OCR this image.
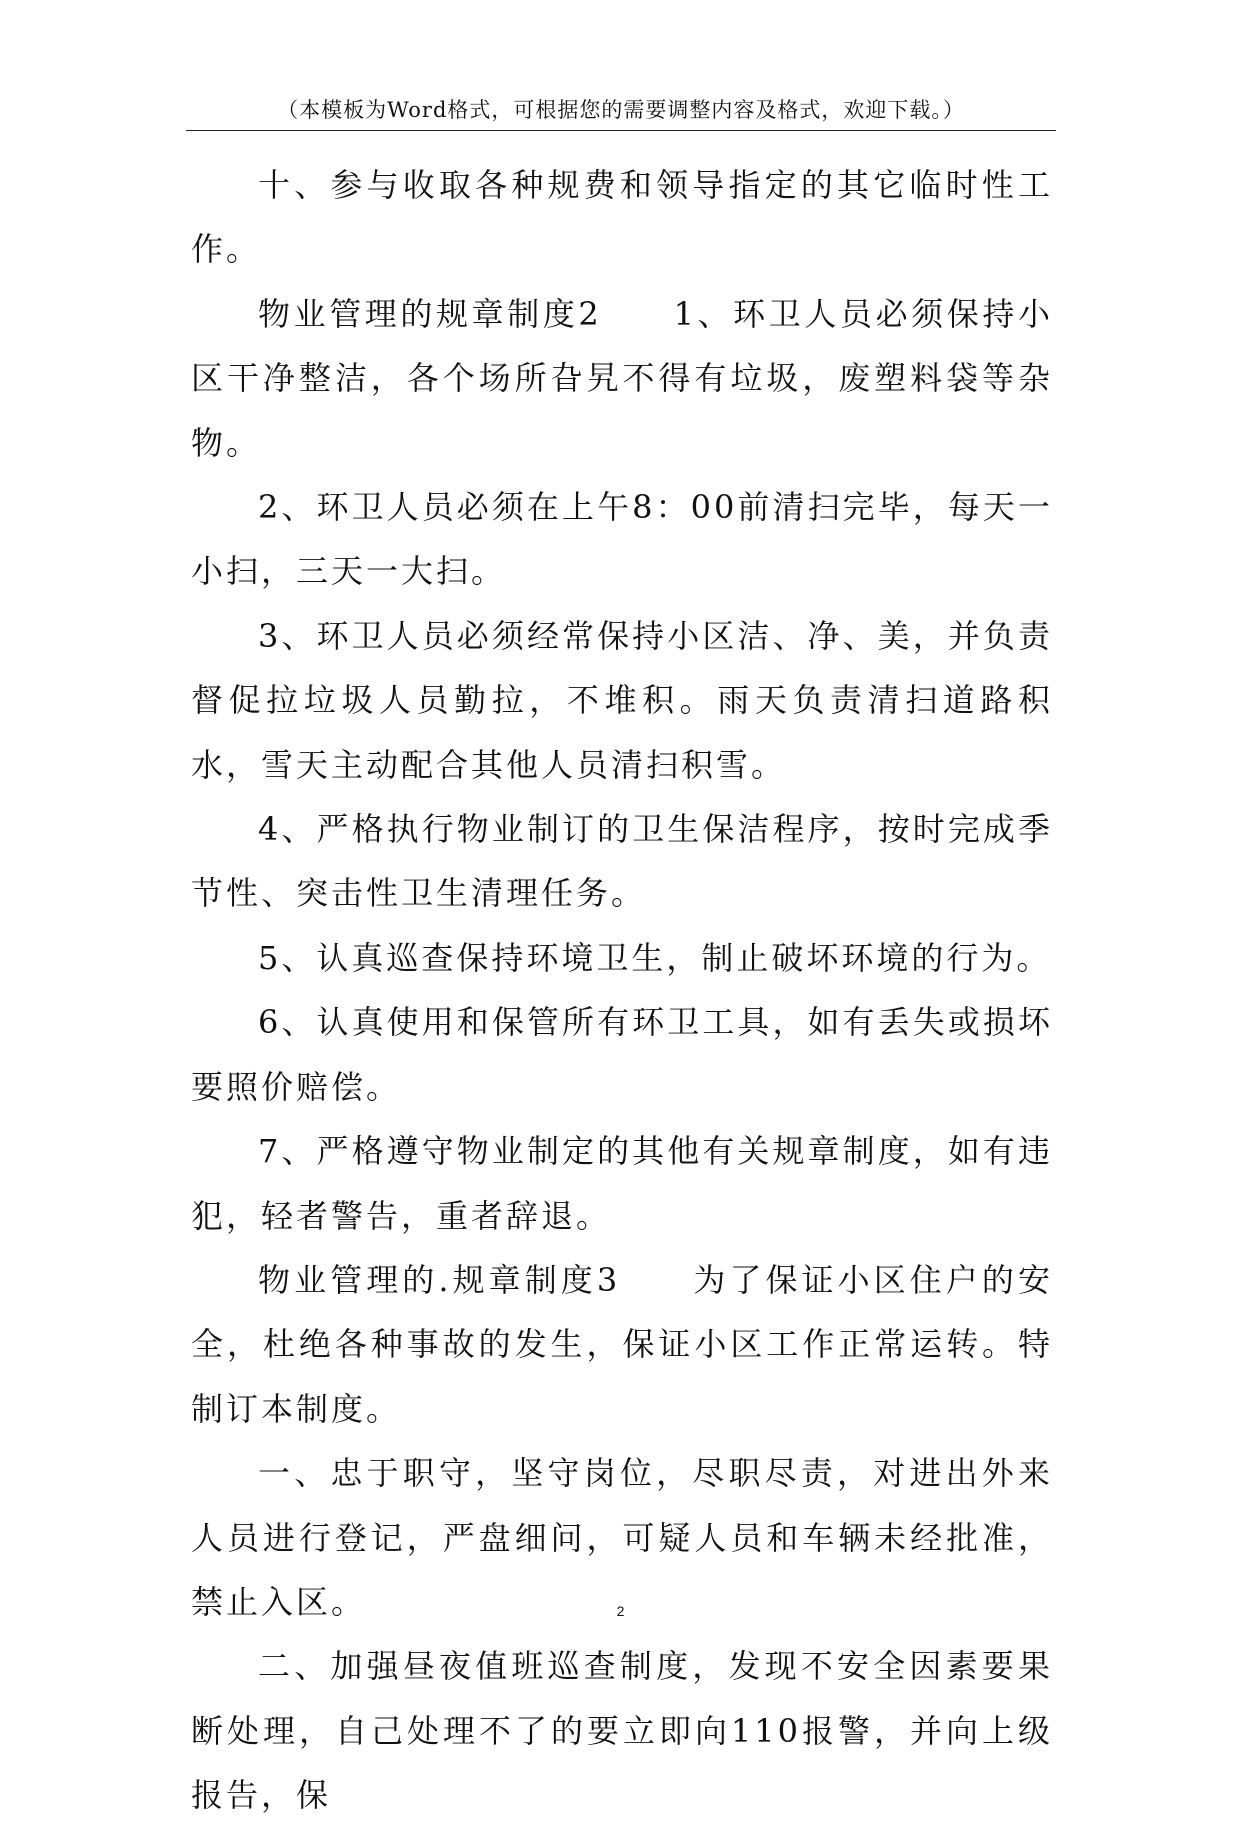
（本模板为Word格式，可根据您的需要调整内容及格式，欢迎下载。）

十、参与收取各种规费和领导指定的其它临时性工作。

物业管理的规章制度2　　1、环卫人员必须保持小区干净整洁，各个场所旮旯不得有垃圾，废塑料袋等杂物。

2、环卫人员必须在上午8：00前清扫完毕，每天一小扫，三天一大扫。

3、环卫人员必须经常保持小区洁、净、美，并负责督促拉垃圾人员勤拉，不堆积。雨天负责清扫道路积水，雪天主动配合其他人员清扫积雪。

4、严格执行物业制订的卫生保洁程序，按时完成季节性、突击性卫生清理任务。

5、认真巡查保持环境卫生，制止破坏环境的行为。

6、认真使用和保管所有环卫工具，如有丢失或损坏要照价赔偿。

7、严格遵守物业制定的其他有关规章制度，如有违犯，轻者警告，重者辞退。

物业管理的.规章制度3　　为了保证小区住户的安全，杜绝各种事故的发生，保证小区工作正常运转。特制订本制度。

一、忠于职守，坚守岗位，尽职尽责，对进出外来人员进行登记，严盘细问，可疑人员和车辆未经批准，禁止入区。

二、加强昼夜值班巡查制度，发现不安全因素要果断处理，自己处理不了的要立即向110报警，并向上级报告，保

2
